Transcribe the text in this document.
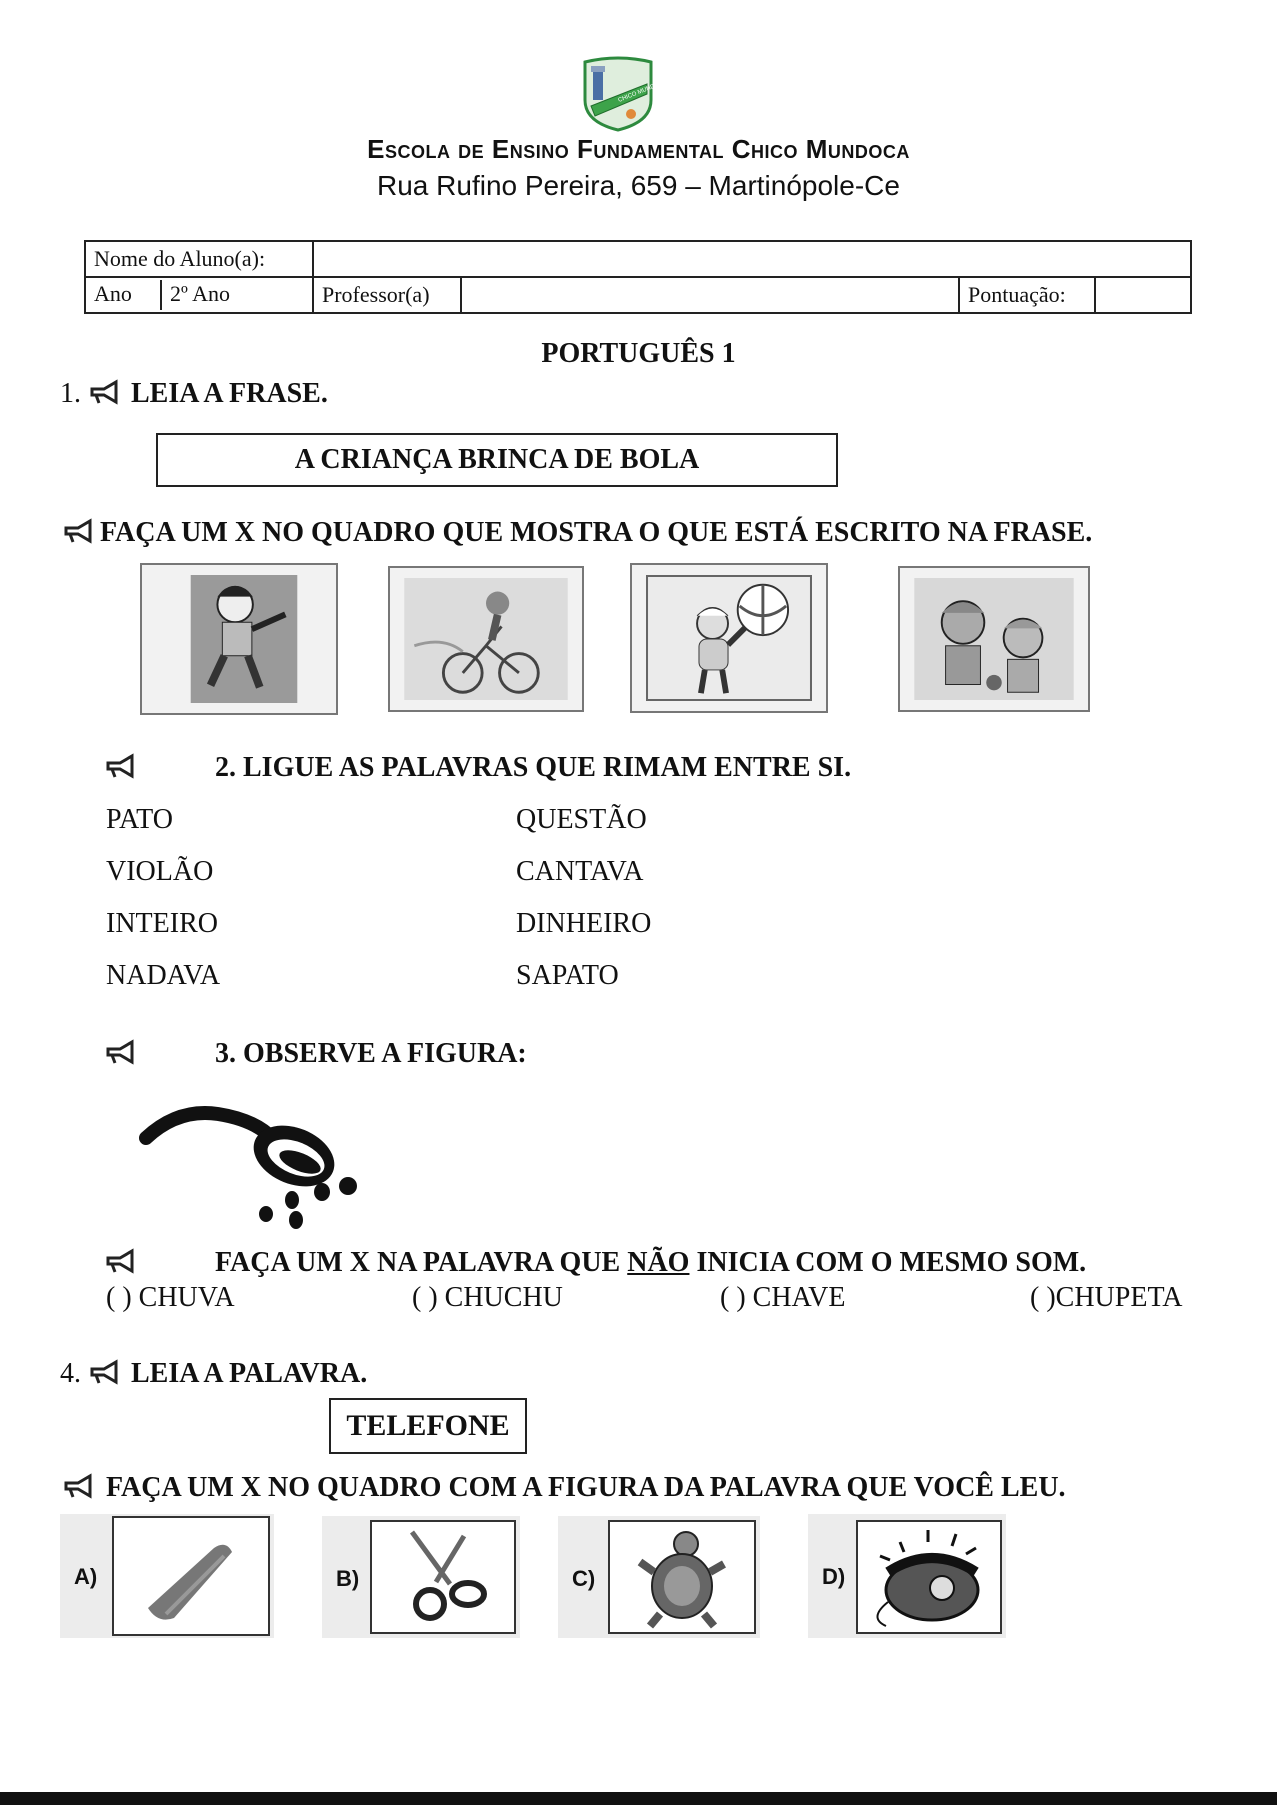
CHICO MUNDOCA
Escola de Ensino Fundamental Chico Mundoca
Rua Rufino Pereira, 659 – Martinópole-Ce
Nome do Aluno(a):				

Ano 2º Ano	Professor(a)		Pontuação:	
PORTUGUÊS 1
1. LEIA A FRASE.
A CRIANÇA BRINCA DE BOLA
FAÇA UM X NO QUADRO QUE MOSTRA O QUE ESTÁ ESCRITO NA FRASE.
2. LIGUE AS PALAVRAS QUE RIMAM ENTRE SI.
PATO
VIOLÃO
INTEIRO
NADAVA
QUESTÃO
CANTAVA
DINHEIRO
SAPATO
3. OBSERVE A FIGURA:
FAÇA UM X NA PALAVRA QUE NÃO INICIA COM O MESMO SOM.
( ) CHUVA	( ) CHUCHU	( ) CHAVE	( )CHUPETA
4. LEIA A PALAVRA.
TELEFONE
FAÇA UM X NO QUADRO COM A FIGURA DA PALAVRA QUE VOCÊ LEU.
A)	B)	C)	D)
